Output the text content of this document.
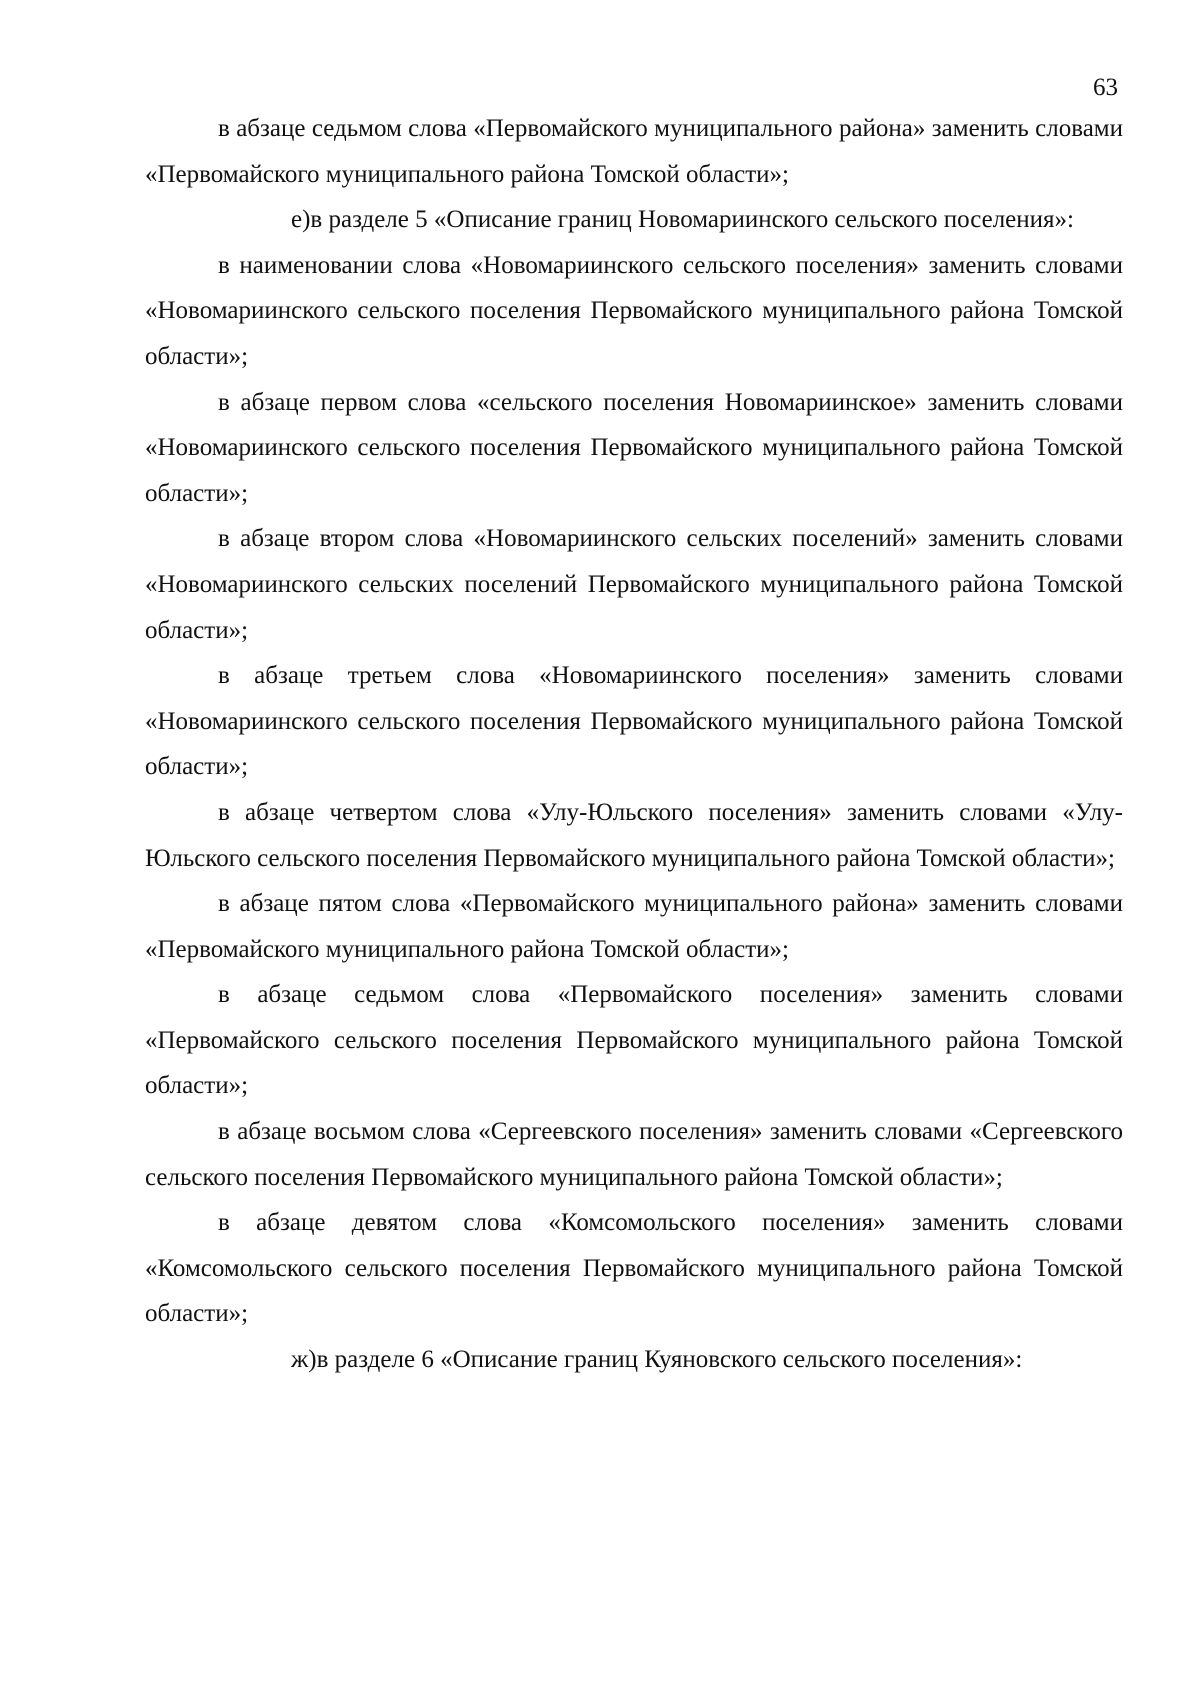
63

в абзаце седьмом слова «Первомайского муниципального района» заменить словами «Первомайского муниципального района Томской области»;

е)в разделе 5 «Описание границ Новомариинского сельского поселения»:

в наименовании слова «Новомариинского сельского поселения» заменить словами «Новомариинского сельского поселения Первомайского муниципального района Томской области»;

в абзаце первом слова «сельского поселения Новомариинское» заменить словами «Новомариинского сельского поселения Первомайского муниципального района Томской области»;

в абзаце втором слова «Новомариинского сельских поселений» заменить словами «Новомариинского сельских поселений Первомайского муниципального района Томской области»;

в абзаце третьем слова «Новомариинского поселения» заменить словами «Новомариинского сельского поселения Первомайского муниципального района Томской области»;

в абзаце четвертом слова «Улу-Юльского поселения» заменить словами «Улу-Юльского сельского поселения Первомайского муниципального района Томской области»;

в абзаце пятом слова «Первомайского муниципального района» заменить словами «Первомайского муниципального района Томской области»;

в абзаце седьмом слова «Первомайского поселения» заменить словами «Первомайского сельского поселения Первомайского муниципального района Томской области»;

в абзаце восьмом слова «Сергеевского поселения» заменить словами «Сергеевского сельского поселения Первомайского муниципального района Томской области»;

в абзаце девятом слова «Комсомольского поселения» заменить словами «Комсомольского сельского поселения Первомайского муниципального района Томской области»;

ж)в разделе 6 «Описание границ Куяновского сельского поселения»:
